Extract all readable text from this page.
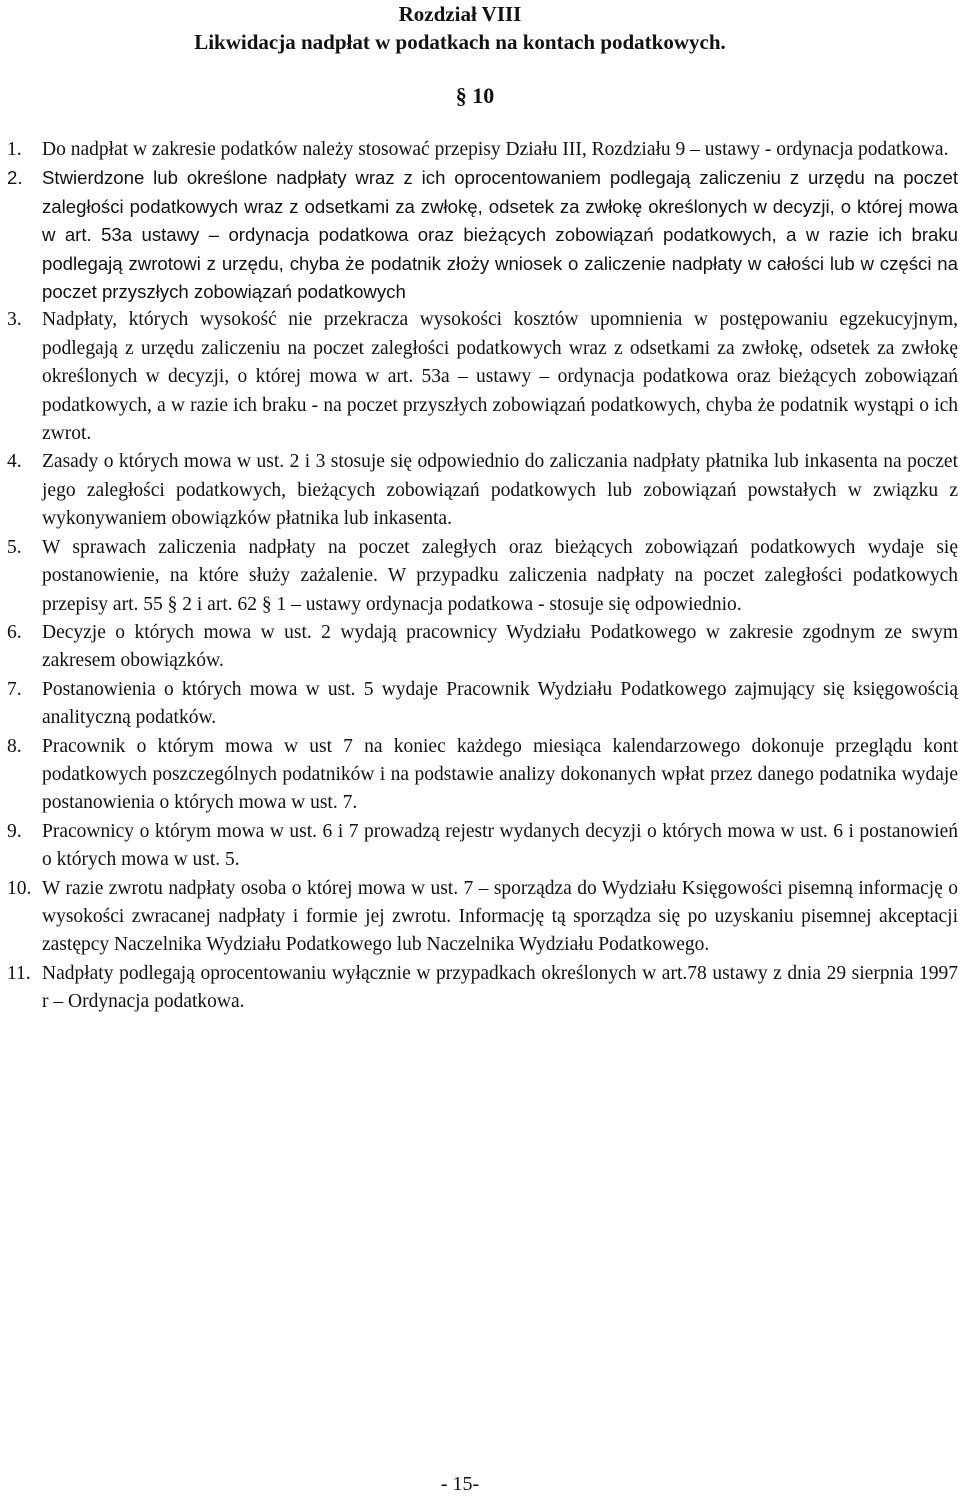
Rozdział VIII
Likwidacja nadpłat w podatkach na kontach podatkowych.
§ 10
1. Do nadpłat w zakresie podatków należy stosować przepisy Działu III, Rozdziału 9 – ustawy - ordynacja podatkowa.
2. Stwierdzone lub określone nadpłaty wraz z ich oprocentowaniem podlegają zaliczeniu z urzędu na poczet zaległości podatkowych wraz z odsetkami za zwłokę, odsetek za zwłokę określonych w decyzji, o której mowa w art. 53a ustawy – ordynacja podatkowa oraz bieżących zobowiązań podatkowych, a w razie ich braku podlegają zwrotowi z urzędu, chyba że podatnik złoży wniosek o zaliczenie nadpłaty w całości lub w części na poczet przyszłych zobowiązań podatkowych
3. Nadpłaty, których wysokość nie przekracza wysokości kosztów upomnienia w postępowaniu egzekucyjnym, podlegają z urzędu zaliczeniu na poczet zaległości podatkowych wraz z odsetkami za zwłokę, odsetek za zwłokę określonych w decyzji, o której mowa w art. 53a – ustawy – ordynacja podatkowa oraz bieżących zobowiązań podatkowych, a w razie ich braku - na poczet przyszłych zobowiązań podatkowych, chyba że podatnik wystąpi o ich zwrot.
4. Zasady o których mowa w ust. 2 i 3 stosuje się odpowiednio do zaliczania nadpłaty płatnika lub inkasenta na poczet jego zaległości podatkowych, bieżących zobowiązań podatkowych lub zobowiązań powstałych w związku z wykonywaniem obowiązków płatnika lub inkasenta.
5. W sprawach zaliczenia nadpłaty na poczet zaległych oraz bieżących zobowiązań podatkowych wydaje się postanowienie, na które służy zażalenie. W przypadku zaliczenia nadpłaty na poczet zaległości podatkowych przepisy art. 55 § 2 i art. 62 § 1 – ustawy ordynacja podatkowa - stosuje się odpowiednio.
6. Decyzje o których mowa w ust. 2 wydają pracownicy Wydziału Podatkowego w zakresie zgodnym ze swym zakresem obowiązków.
7. Postanowienia o których mowa w ust. 5 wydaje Pracownik Wydziału Podatkowego zajmujący się księgowością analityczną podatków.
8. Pracownik o którym mowa w ust 7 na koniec każdego miesiąca kalendarzowego dokonuje przeglądu kont podatkowych poszczególnych podatników i na podstawie analizy dokonanych wpłat przez danego podatnika wydaje postanowienia o których mowa w ust. 7.
9. Pracownicy o którym mowa w ust. 6 i 7 prowadzą rejestr wydanych decyzji o których mowa w ust. 6 i postanowień o których mowa w ust. 5.
10. W razie zwrotu nadpłaty osoba o której mowa w ust. 7 – sporządza do Wydziału Księgowości pisemną informację o wysokości zwracanej nadpłaty i formie jej zwrotu. Informację tą sporządza się po uzyskaniu pisemnej akceptacji zastępcy Naczelnika Wydziału Podatkowego lub Naczelnika Wydziału Podatkowego.
11. Nadpłaty podlegają oprocentowaniu wyłącznie w przypadkach określonych w art.78 ustawy z dnia 29 sierpnia 1997 r – Ordynacja podatkowa.
- 15-
